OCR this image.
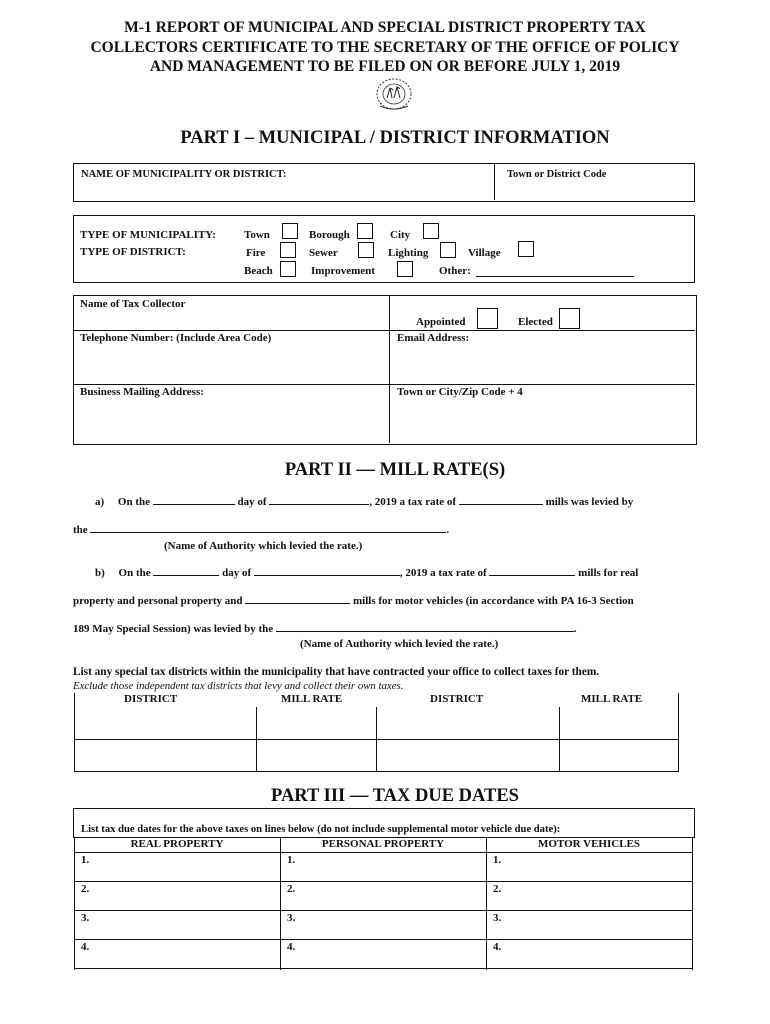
M-1 REPORT OF MUNICIPAL AND SPECIAL DISTRICT PROPERTY TAX
COLLECTORS CERTIFICATE TO THE SECRETARY OF THE OFFICE OF POLICY
AND MANAGEMENT TO BE FILED ON OR BEFORE JULY 1, 2019
PART I – MUNICIPAL / DISTRICT INFORMATION
NAME OF MUNICIPALITY OR DISTRICT:	Town or District Code
TYPE OF MUNICIPALITY:
TYPE OF DISTRICT:
Town	Borough	City
Fire	Sewer	Lighting	Village
Beach	Improvement	Other:
Name of Tax Collector
Appointed	Elected
Telephone Number: (Include Area Code)	Email Address:
Business Mailing Address:	Town or City/Zip Code + 4
PART II — MILL RATE(S)
a) On the	day of	, 2019 a tax rate of	mills was levied by
the	.
(Name of Authority which levied the rate.)
b) On the	day of	, 2019 a tax rate of	mills for real
property and personal property and	mills for motor vehicles (in accordance with PA 16-3 Section
189 May Special Session) was levied by the	.
(Name of Authority which levied the rate.)
List any special tax districts within the municipality that have contracted your office to collect taxes for them.
Exclude those independent tax districts that levy and collect their own taxes.
DISTRICT	MILL RATE	DISTRICT	MILL RATE
PART III — TAX DUE DATES
List tax due dates for the above taxes on lines below (do not include supplemental motor vehicle due date):
REAL PROPERTY	PERSONAL PROPERTY	MOTOR VEHICLES
1.	1.	1.
2.	2.	2.
3.	3.	3.
4.	4.	4.
